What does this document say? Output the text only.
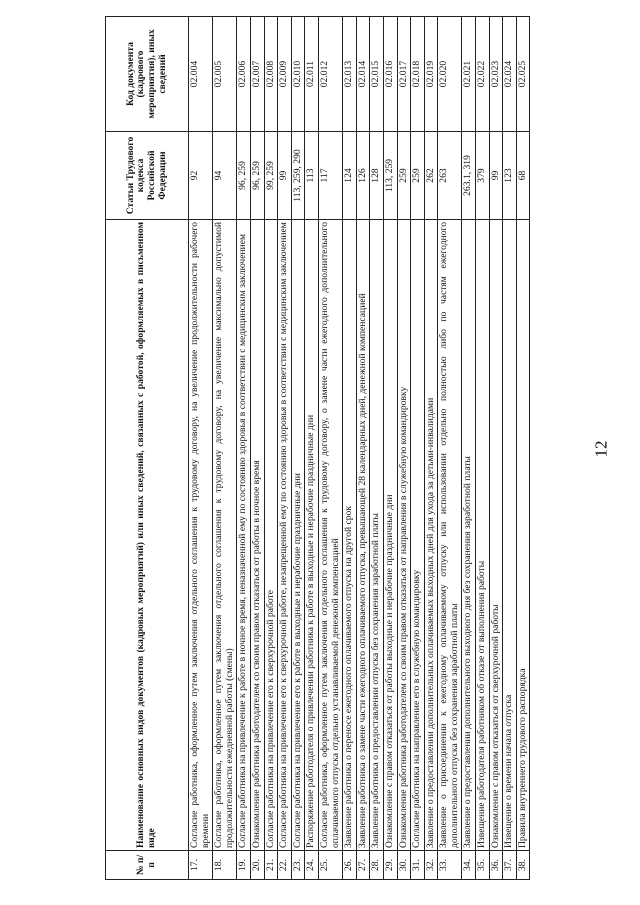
12
№ п/п	Наименование основных видов документов (кадровых мероприятий) или иных сведений, связанных с работой, оформляемых в письменном виде	Статьи Трудового кодекса Российской Федерации	Код документа (кадрового мероприятия), иных сведений
17.	Согласие работника, оформленное путем заключения отдельного соглашения к трудовому договору, на увеличение продолжительности рабочего времени	92	02.004
18.	Согласие работника, оформленное путем заключения отдельного соглашения к трудовому договору, на увеличение максимально допустимой продолжительности ежедневной работы (смены)	94	02.005
19.	Согласие работника на привлечение к работе в ночное время, неназначенной ему по состоянию здоровья в соответствии с медицинским заключением	96, 259	02.006
20.	Ознакомление работника работодателем со своим правом отказаться от работы в ночное время	96, 259	02.007
21.	Согласие работника на привлечение его к сверхурочной работе	99, 259	02.008
22.	Согласие работника на привлечение его к сверхурочной работе, незапрещенной ему по состоянию здоровья в соответствии с медицинским заключением	99	02.009
23.	Согласие работника на привлечение его к работе в выходные и нерабочие праздничные дни	113, 259, 290	02.010
24.	Распоряжение работодателя о привлечении работника к работе в выходные и нерабочие праздничные дни	113	02.011
25.	Согласие работника, оформленное путем заключения отдельного соглашения к трудовому договору, о замене части ежегодного дополнительного оплачиваемого отпуска отдельно устанавливаемой денежной компенсацией	117	02.012
26.	Заявление работника о переносе ежегодного оплачиваемого отпуска на другой срок	124	02.013
27.	Заявление работника о замене части ежегодного оплачиваемого отпуска, превышающей 28 календарных дней, денежной компенсацией	126	02.014
28.	Заявление работника о предоставлении отпуска без сохранения заработной платы	128	02.015
29.	Ознакомление с правом отказаться от работы выходные и нерабочие праздничные дни	113, 259	02.016
30.	Ознакомление работника работодателем со своим правом отказаться от направления в служебную командировку	259	02.017
31.	Согласие работника на направление его в служебную командировку	259	02.018
32.	Заявление о предоставлении дополнительных оплачиваемых выходных дней для ухода за детьми-инвалидами	262	02.019
33.	Заявление о присоединении к ежегодному оплачиваемому отпуску или использовании отдельно полностью либо по частям ежегодного дополнительного отпуска без сохранения заработной платы	263	02.020
34.	Заявление о предоставлении дополнительного выходного дня без сохранения заработной платы	263.1, 319	02.021
35.	Извещение работодателя работником об отказе от выполнения работы	379	02.022
36.	Ознакомление с правом отказаться от сверхурочной работы	99	02.023
37.	Извещение о времени начала отпуска	123	02.024
38.	Правила внутреннего трудового распорядка	68	02.025
